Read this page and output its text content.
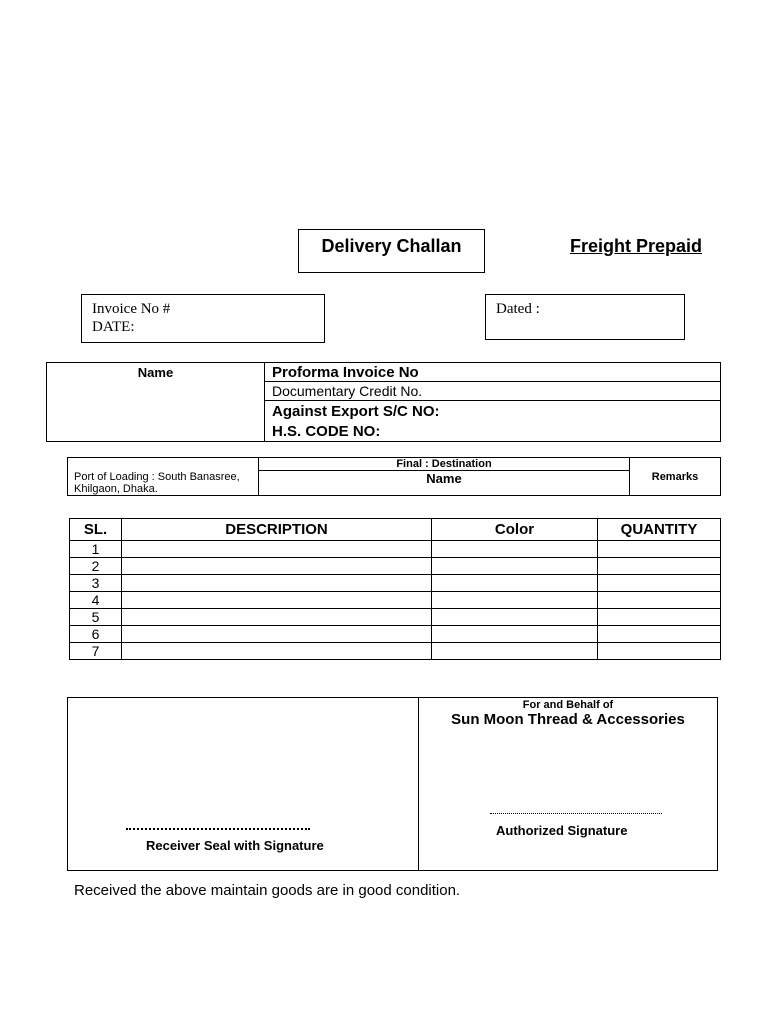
Delivery Challan	Freight Prepaid
Invoice No #
DATE:
Dated :
Name	Proforma Invoice No
Documentary Credit No.
Against Export S/C NO:
H.S. CODE NO:
Port of Loading : South Banasree, Khilgaon, Dhaka.	Final : Destination	Remarks
Name
SL.	DESCRIPTION	Color	QUANTITY
1			
2			
3			
4			
5			
6			
7			
Receiver Seal with Signature
For and Behalf of
Sun Moon Thread & Accessories
Authorized Signature
Received the above maintain goods are in good condition.
